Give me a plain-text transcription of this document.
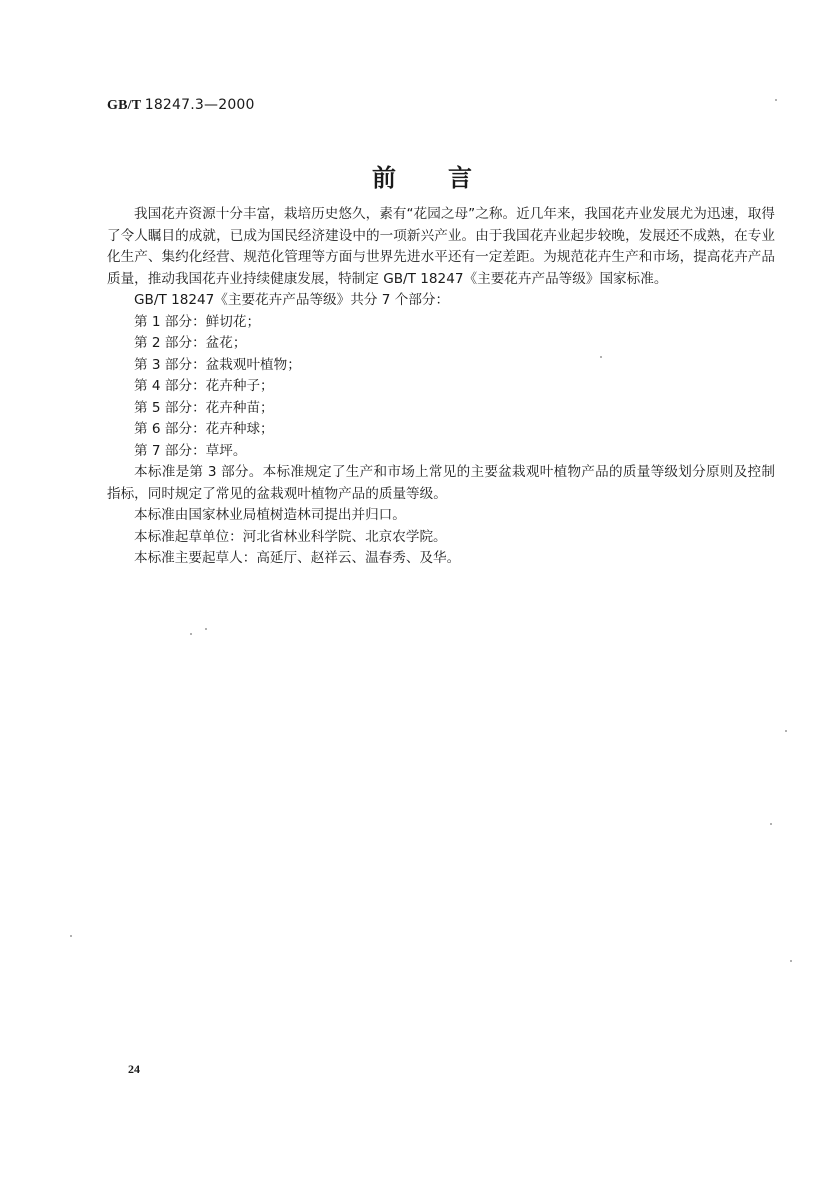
GB/T 18247.3—2000
前言

我国花卉资源十分丰富，栽培历史悠久，素有“花园之母”之称。近几年来，我国花卉业发展尤为迅速，取得了令人瞩目的成就，已成为国民经济建设中的一项新兴产业。由于我国花卉业起步较晚，发展还不成熟，在专业化生产、集约化经营、规范化管理等方面与世界先进水平还有一定差距。为规范花卉生产和市场，提高花卉产品质量，推动我国花卉业持续健康发展，特制定 GB/T 18247《主要花卉产品等级》国家标准。

GB/T 18247《主要花卉产品等级》共分 7 个部分：

第 1 部分：鲜切花；

第 2 部分：盆花；

第 3 部分：盆栽观叶植物；

第 4 部分：花卉种子；

第 5 部分：花卉种苗；

第 6 部分：花卉种球；

第 7 部分：草坪。

本标准是第 3 部分。本标准规定了生产和市场上常见的主要盆栽观叶植物产品的质量等级划分原则及控制指标，同时规定了常见的盆栽观叶植物产品的质量等级。

本标准由国家林业局植树造林司提出并归口。

本标准起草单位：河北省林业科学院、北京农学院。

本标准主要起草人：高延厅、赵祥云、温春秀、及华。

24
